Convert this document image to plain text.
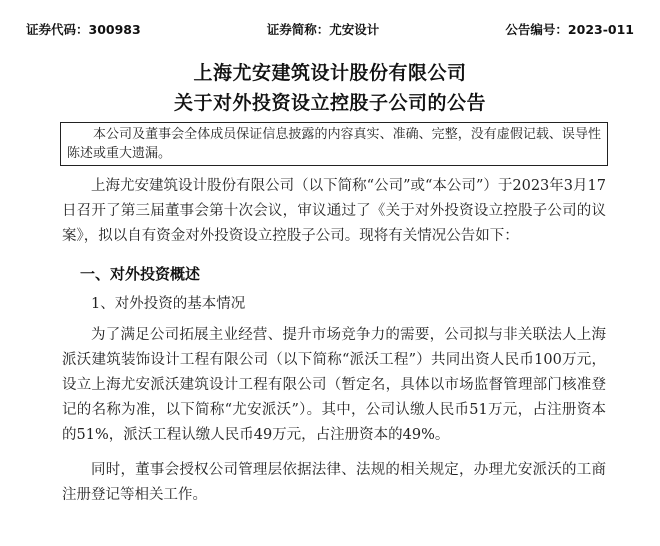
证券代码：300983	证券简称：尤安设计	公告编号：2023-011
上海尤安建筑设计股份有限公司
关于对外投资设立控股子公司的公告
本公司及董事会全体成员保证信息披露的内容真实、准确、完整，没有虚假记载、误导性陈述或重大遗漏。

上海尤安建筑设计股份有限公司（以下简称“公司”或“本公司”）于2023年3月17日召开了第三届董事会第十次会议，审议通过了《关于对外投资设立控股子公司的议案》，拟以自有资金对外投资设立控股子公司。现将有关情况公告如下：

一、对外投资概述
1、对外投资的基本情况

为了满足公司拓展主业经营、提升市场竞争力的需要，公司拟与非关联法人上海派沃建筑装饰设计工程有限公司（以下简称“派沃工程”）共同出资人民币100万元，设立上海尤安派沃建筑设计工程有限公司（暂定名，具体以市场监督管理部门核准登记的名称为准，以下简称“尤安派沃”）。其中，公司认缴人民币51万元，占注册资本的51%，派沃工程认缴人民币49万元，占注册资本的49%。

同时，董事会授权公司管理层依据法律、法规的相关规定，办理尤安派沃的工商注册登记等相关工作。
